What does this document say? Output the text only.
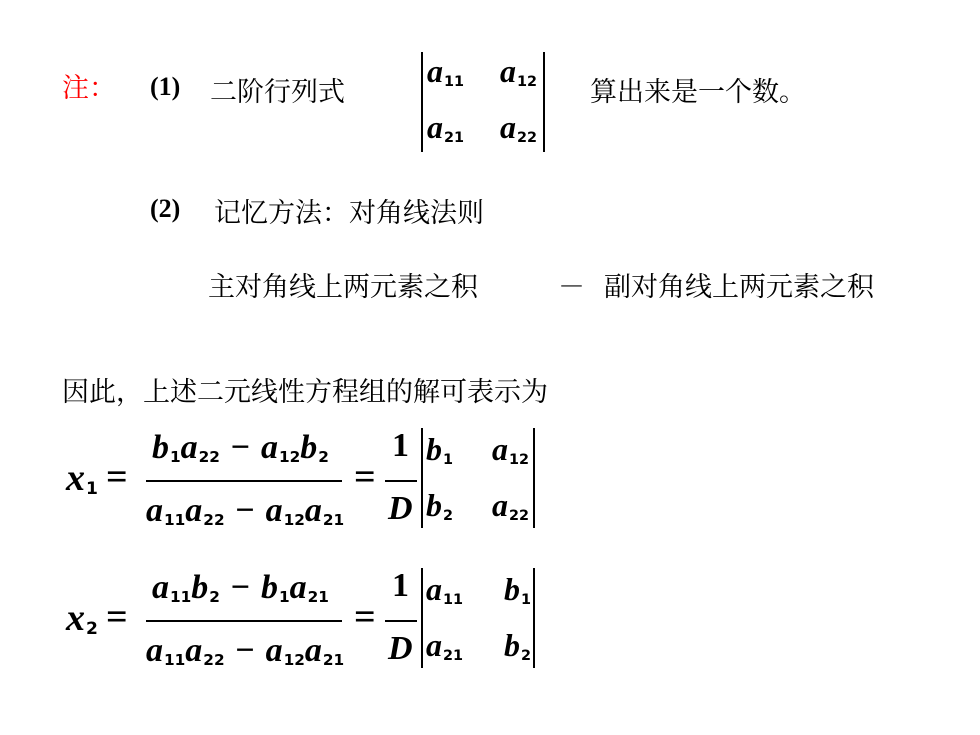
注： (1) 二阶行列式
$a_{11}$ $a_{12}$
$a_{21}$ $a_{22}$
算出来是一个数。
(2) 记忆方法：对角线法则
主对角线上两元素之积	－ 副对角线上两元素之积
因此，上述二元线性方程组的解可表示为
$x_1$ =
$b_1a_{22} - a_{12}b_2$
$a_{11}a_{22} - a_{12}a_{21}$
=
1
D
$b_1$ $a_{12}$
$b_2$ $a_{22}$
$x_2$ =
$a_{11}b_2 - b_1a_{21}$
$a_{11}a_{22} - a_{12}a_{21}$
=
1
D
$a_{11}$ $b_1$
$a_{21}$ $b_2$
